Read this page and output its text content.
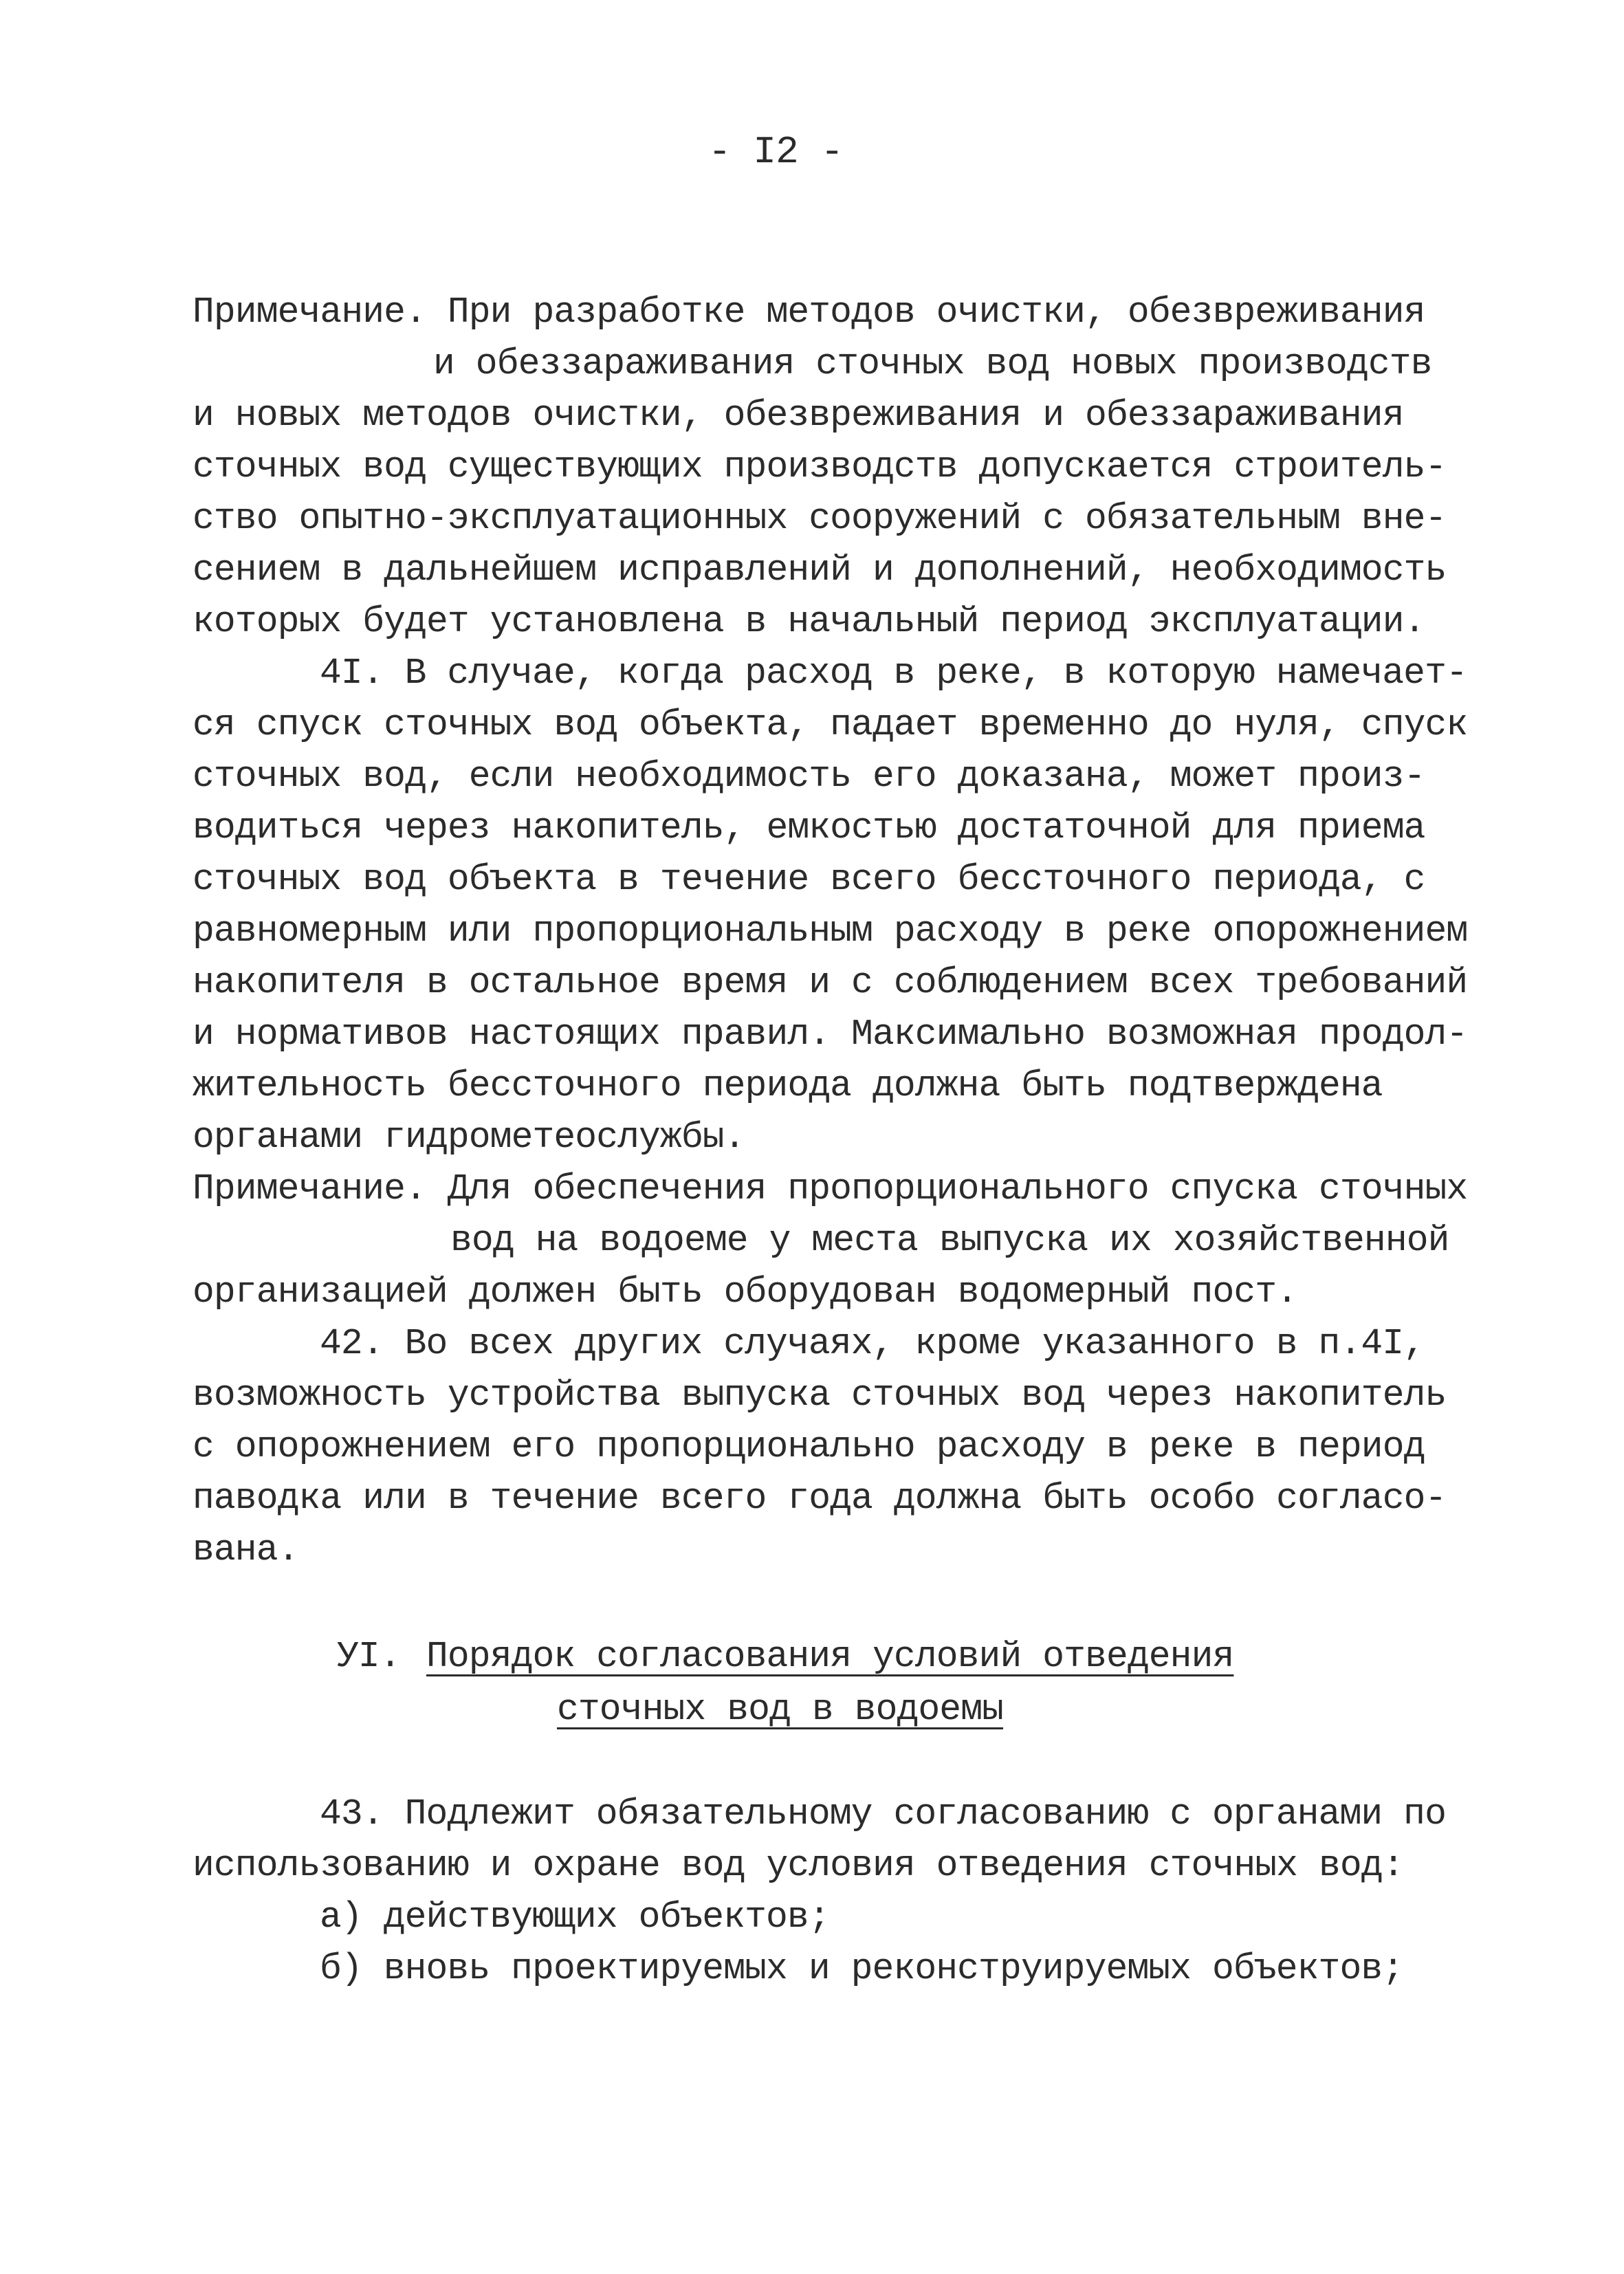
- I2 -
Примечание. При разработке методов очистки, обезвреживания
и обеззараживания сточных вод новых производств
и новых методов очистки, обезвреживания и обеззараживания
сточных вод существующих производств допускается строитель-
ство опытно-эксплуатационных сооружений с обязательным вне-
сением в дальнейшем исправлений и дополнений, необходимость
которых будет установлена в начальный период эксплуатации.
4I. В случае, когда расход в реке, в которую намечает-
ся спуск сточных вод объекта, падает временно до нуля, спуск
сточных вод, если необходимость его доказана, может произ-
водиться через накопитель, емкостью достаточной для приема
сточных вод объекта в течение всего бессточного периода, с
равномерным или пропорциональным расходу в реке опорожнением
накопителя в остальное время и с соблюдением всех требований
и нормативов настоящих правил. Максимально возможная продол-
жительность бессточного периода должна быть подтверждена
органами гидрометеослужбы.
Примечание. Для обеспечения пропорционального спуска сточных
вод на водоеме у места выпуска их хозяйственной
организацией должен быть оборудован водомерный пост.
42. Во всех других случаях, кроме указанного в п.4I,
возможность устройства выпуска сточных вод через накопитель
с опорожнением его пропорционально расходу в реке в период
паводка или в течение всего года должна быть особо согласо-
вана.
УI. Порядок согласования условий отведения
сточных вод в водоемы
43. Подлежит обязательному согласованию с органами по
использованию и охране вод условия отведения сточных вод:
а) действующих объектов;
б) вновь проектируемых и реконструируемых объектов;
